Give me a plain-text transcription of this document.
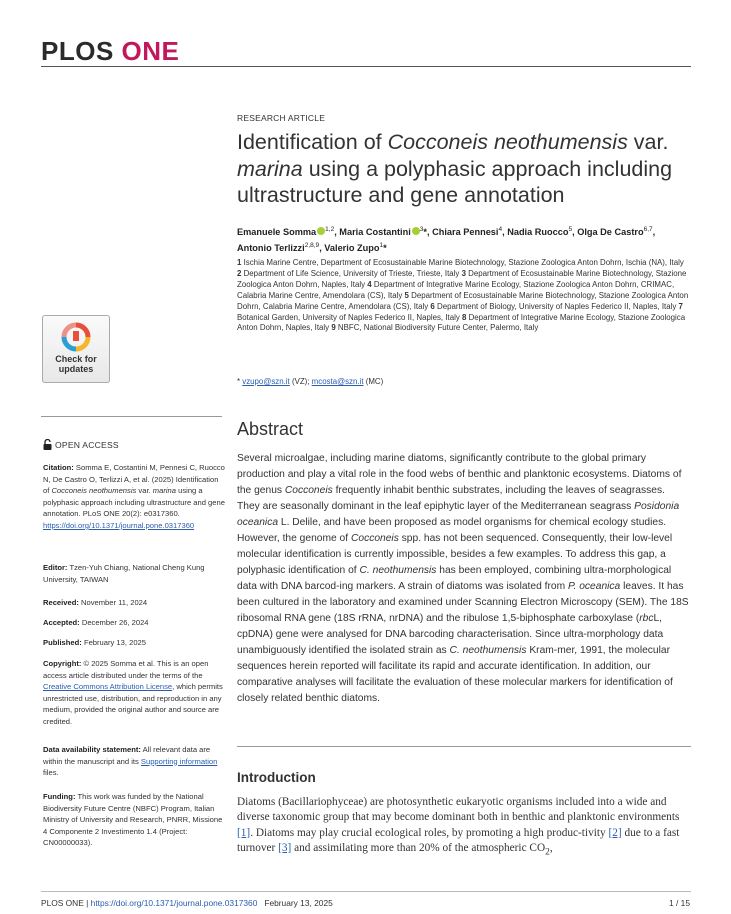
PLOS ONE
RESEARCH ARTICLE
Identification of Cocconeis neothumensis var. marina using a polyphasic approach including ultrastructure and gene annotation
Emanuele Somma $^{1,2}$, Maria Costantini $^3$*, Chiara Pennesi$^4$, Nadia Ruocco$^5$, Olga De Castro$^{6,7}$, Antonio Terlizzi$^{2,8,9}$, Valerio Zupo$^1$*
1 Ischia Marine Centre, Department of Ecosustainable Marine Biotechnology, Stazione Zoologica Anton Dohrn, Ischia (NA), Italy 2 Department of Life Science, University of Trieste, Trieste, Italy 3 Department of Ecosustainable Marine Biotechnology, Stazione Zoologica Anton Dohrn, Naples, Italy 4 Department of Integrative Marine Ecology, Stazione Zoologica Anton Dohrn, CRIMAC, Calabria Marine Centre, Amendolara (CS), Italy 5 Department of Ecosustainable Marine Biotechnology, Stazione Zoologica Anton Dohrn, Calabria Marine Centre, Amendolara (CS), Italy 6 Department of Biology, University of Naples Federico II, Naples, Italy 7 Botanical Garden, University of Naples Federico II, Naples, Italy 8 Department of Integrative Marine Ecology, Stazione Zoologica Anton Dohrn, Naples, Italy 9 NBFC, National Biodiversity Future Center, Palermo, Italy
* vzupo@szn.it (VZ); mcosta@szn.it (MC)
Check for
updates
OPEN ACCESS
Citation: Somma E, Costantini M, Pennesi C, Ruocco N, De Castro O, Terlizzi A, et al. (2025) Identification of Cocconeis neothumensis var. marina using a polyphasic approach including ultrastructure and gene annotation. PLoS ONE 20(2): e0317360. https://doi.org/10.1371/journal.pone.0317360
Editor: Tzen-Yuh Chiang, National Cheng Kung University, TAIWAN
Received: November 11, 2024
Accepted: December 26, 2024
Published: February 13, 2025
Copyright: © 2025 Somma et al. This is an open access article distributed under the terms of the Creative Commons Attribution License, which permits unrestricted use, distribution, and reproduction in any medium, provided the original author and source are credited.
Data availability statement: All relevant data are within the manuscript and its Supporting information files.
Funding: This work was funded by the National Biodiversity Future Centre (NBFC) Program, Italian Ministry of University and Research, PNRR, Missione 4 Componente 2 Investimento 1.4 (Project: CN00000033).
Abstract
Several microalgae, including marine diatoms, significantly contribute to the global primary production and play a vital role in the food webs of benthic and planktonic ecosystems. Diatoms of the genus Cocconeis frequently inhabit benthic substrates, including the leaves of seagrasses. They are seasonally dominant in the leaf epiphytic layer of the Mediterranean seagrass Posidonia oceanica L. Delile, and have been proposed as model organisms for chemical ecology studies. However, the genome of Cocconeis spp. has not been sequenced. Consequently, their low-level molecular identification is currently impossible, besides a few examples. To address this gap, a polyphasic identification of C. neothumensis has been employed, combining ultra-morphological data with DNA barcod-ing markers. A strain of diatoms was isolated from P. oceanica leaves. It has been cultured in the laboratory and examined under Scanning Electron Microscopy (SEM). The 18S ribosomal RNA gene (18S rRNA, nrDNA) and the ribulose 1,5-biphosphate carboxylase (rbcL, cpDNA) gene were analysed for DNA barcoding characterisation. Since ultra-morphology data unambiguously identified the isolated strain as C. neothumensis Kram-mer, 1991, the molecular sequences herein reported will facilitate its rapid and accurate identification. In addition, our comparative analyses will facilitate the evaluation of these molecular markers for identification of closely related benthic diatoms.
Introduction
Diatoms (Bacillariophyceae) are photosynthetic eukaryotic organisms included into a wide and diverse taxonomic group that may become dominant both in benthic and planktonic environments [1]. Diatoms may play crucial ecological roles, by promoting a high produc-tivity [2] due to a fast turnover [3] and assimilating more than 20% of the atmospheric $CO_2$,
PLOS ONE | https://doi.org/10.1371/journal.pone.0317360   February 13, 2025	1 / 15
